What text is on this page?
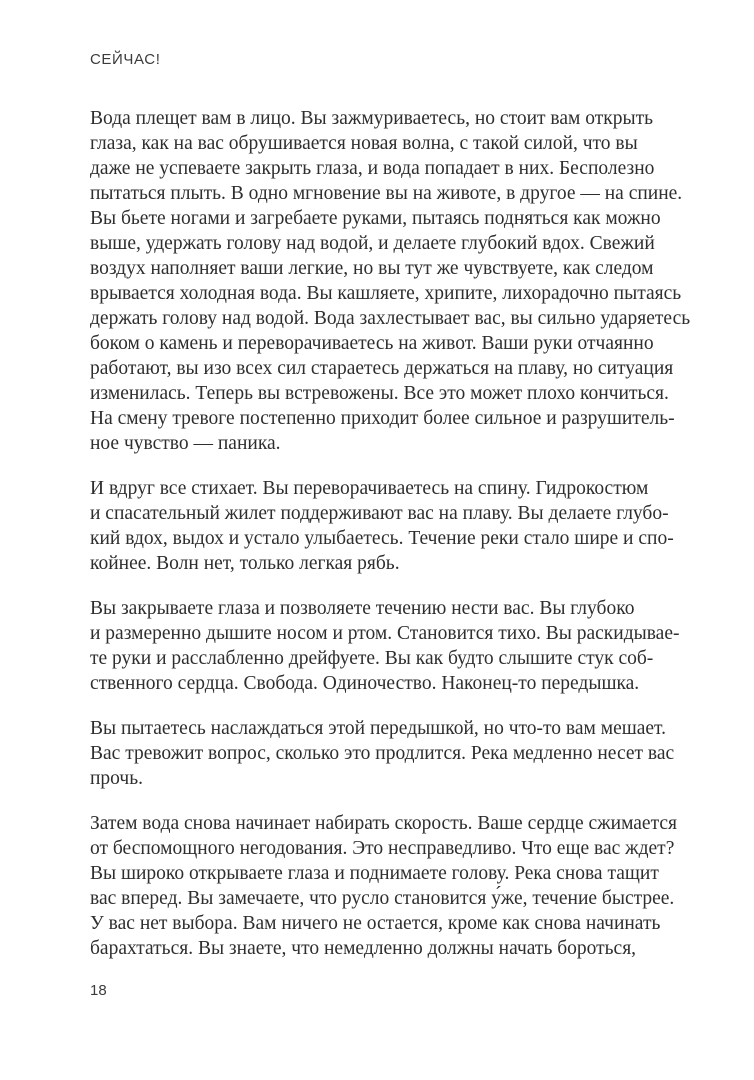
СЕЙЧАС!

Вода плещет вам в лицо. Вы зажмуриваетесь, но стоит вам открыть
глаза, как на вас обрушивается новая волна, с такой силой, что вы
даже не успеваете закрыть глаза, и вода попадает в них. Бесполезно
пытаться плыть. В одно мгновение вы на животе, в другое — на спине.
Вы бьете ногами и загребаете руками, пытаясь подняться как можно
выше, удержать голову над водой, и делаете глубокий вдох. Свежий
воздух наполняет ваши легкие, но вы тут же чувствуете, как следом
врывается холодная вода. Вы кашляете, хрипите, лихорадочно пытаясь
держать голову над водой. Вода захлестывает вас, вы сильно ударяетесь
боком о камень и переворачиваетесь на живот. Ваши руки отчаянно
работают, вы изо всех сил стараетесь держаться на плаву, но ситуация
изменилась. Теперь вы встревожены. Все это может плохо кончиться.
На смену тревоге постепенно приходит более сильное и разрушитель-
ное чувство — паника.

И вдруг все стихает. Вы переворачиваетесь на спину. Гидрокостюм
и спасательный жилет поддерживают вас на плаву. Вы делаете глубо-
кий вдох, выдох и устало улыбаетесь. Течение реки стало шире и спо-
койнее. Волн нет, только легкая рябь.

Вы закрываете глаза и позволяете течению нести вас. Вы глубоко
и размеренно дышите носом и ртом. Становится тихо. Вы раскидывае-
те руки и расслабленно дрейфуете. Вы как будто слышите стук соб-
ственного сердца. Свобода. Одиночество. Наконец-то передышка.

Вы пытаетесь наслаждаться этой передышкой, но что-то вам мешает.
Вас тревожит вопрос, сколько это продлится. Река медленно несет вас
прочь.

Затем вода снова начинает набирать скорость. Ваше сердце сжимается
от беспомощного негодования. Это несправедливо. Что еще вас ждет?
Вы широко открываете глаза и поднимаете голову. Река снова тащит
вас вперед. Вы замечаете, что русло становится у́же, течение быстрее.
У вас нет выбора. Вам ничего не остается, кроме как снова начинать
барахтаться. Вы знаете, что немедленно должны начать бороться,

18
